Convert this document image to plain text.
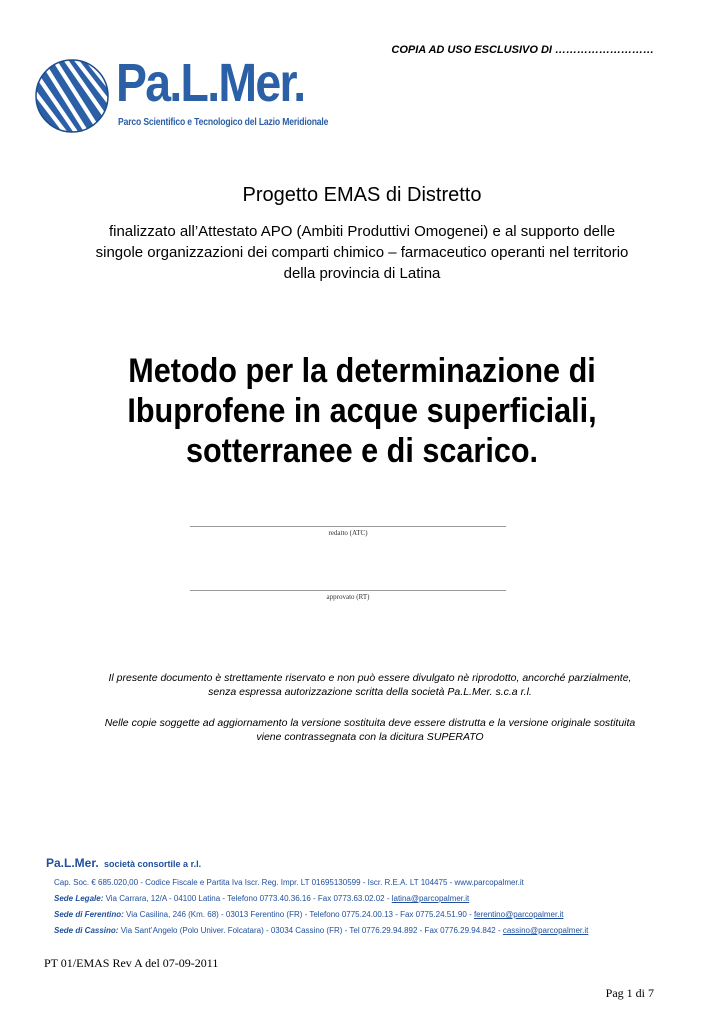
COPIA AD USO ESCLUSIVO DI ………………………
Pa.L.Mer.
Parco Scientifico e Tecnologico del Lazio Meridionale
Progetto EMAS di Distretto
finalizzato all’Attestato APO (Ambiti Produttivi Omogenei) e al supporto delle
singole organizzazioni dei comparti chimico – farmaceutico operanti nel territorio
della provincia di Latina
Metodo per la determinazione di
Ibuprofene in acque superficiali,
sotterranee e di scarico.
redatto (ATC)
approvato (RT)
Il presente documento è strettamente riservato e non può essere divulgato nè riprodotto, ancorché parzialmente,
senza espressa autorizzazione scritta della società Pa.L.Mer. s.c.a r.l.
Nelle copie soggette ad aggiornamento la versione sostituita deve essere distrutta e la versione originale sostituita
viene contrassegnata con la dicitura SUPERATO
Pa.L.Mer. società consortile a r.l.
Cap. Soc. € 685.020,00 - Codice Fiscale e Partita Iva Iscr. Reg. Impr. LT 01695130599 - Iscr. R.E.A. LT 104475 - www.parcopalmer.it
Sede Legale: Via Carrara, 12/A - 04100 Latina - Telefono 0773.40.36.16 - Fax 0773.63.02.02 - latina@parcopalmer.it
Sede di Ferentino: Via Casilina, 246 (Km. 68) - 03013 Ferentino (FR) - Telefono 0775.24.00.13 - Fax 0775.24.51.90 - ferentino@parcopalmer.it
Sede di Cassino: Via Sant’Angelo (Polo Univer. Folcatara) - 03034 Cassino (FR) - Tel 0776.29.94.892 - Fax 0776.29.94.842 - cassino@parcopalmer.it
PT 01/EMAS Rev A del 07-09-2011
Pag 1 di 7
